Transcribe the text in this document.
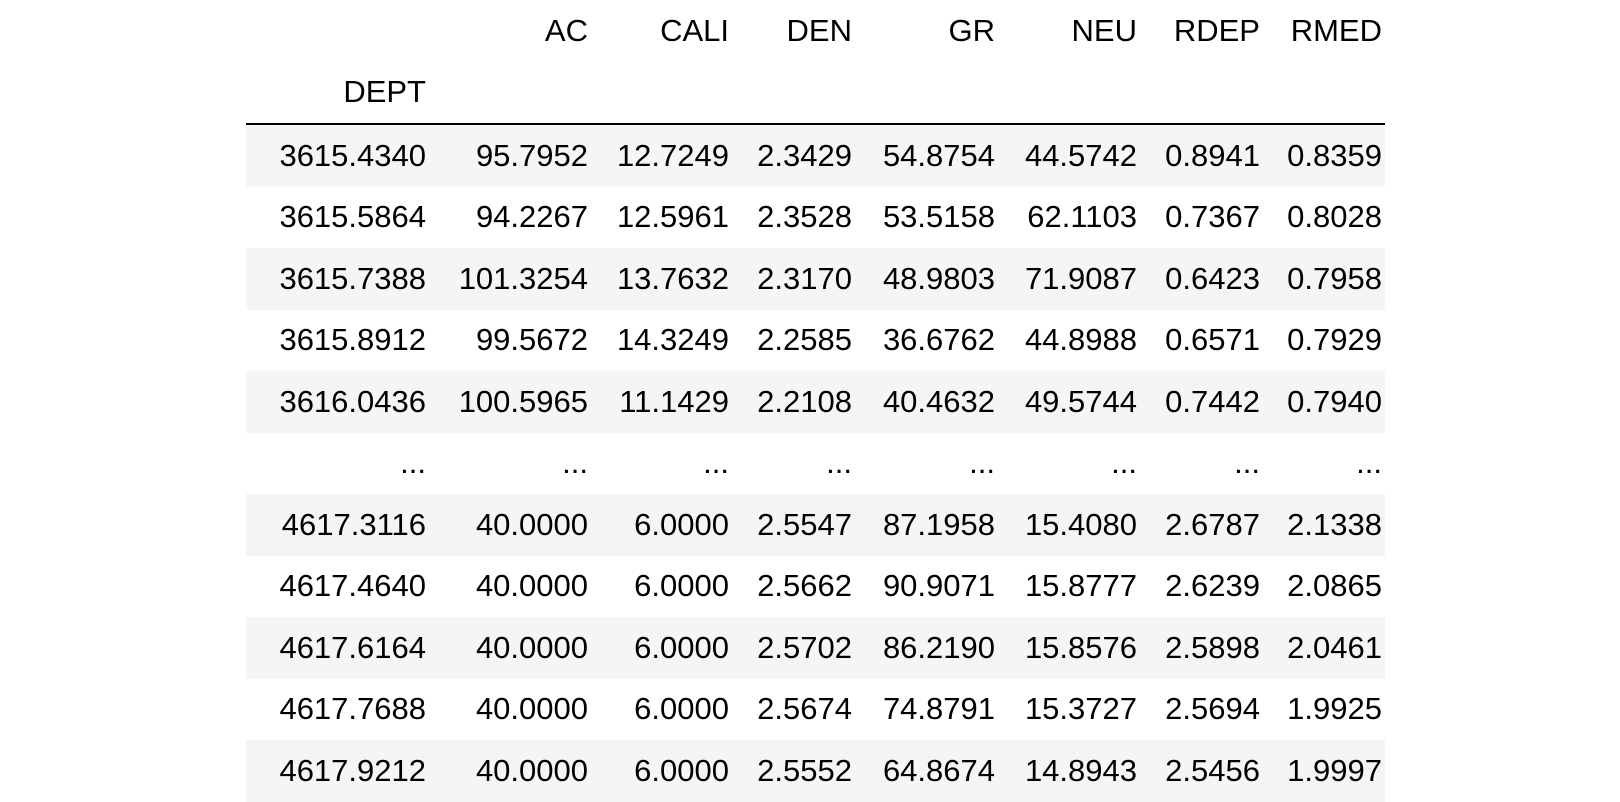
	AC	CALI	DEN	GR	NEU	RDEP	RMED
DEPT							
3615.4340	95.7952	12.7249	2.3429	54.8754	44.5742	0.8941	0.8359
3615.5864	94.2267	12.5961	2.3528	53.5158	62.1103	0.7367	0.8028
3615.7388	101.3254	13.7632	2.3170	48.9803	71.9087	0.6423	0.7958
3615.8912	99.5672	14.3249	2.2585	36.6762	44.8988	0.6571	0.7929
3616.0436	100.5965	11.1429	2.2108	40.4632	49.5744	0.7442	0.7940
...	...	...	...	...	...	...	...
4617.3116	40.0000	6.0000	2.5547	87.1958	15.4080	2.6787	2.1338
4617.4640	40.0000	6.0000	2.5662	90.9071	15.8777	2.6239	2.0865
4617.6164	40.0000	6.0000	2.5702	86.2190	15.8576	2.5898	2.0461
4617.7688	40.0000	6.0000	2.5674	74.8791	15.3727	2.5694	1.9925
4617.9212	40.0000	6.0000	2.5552	64.8674	14.8943	2.5456	1.9997
